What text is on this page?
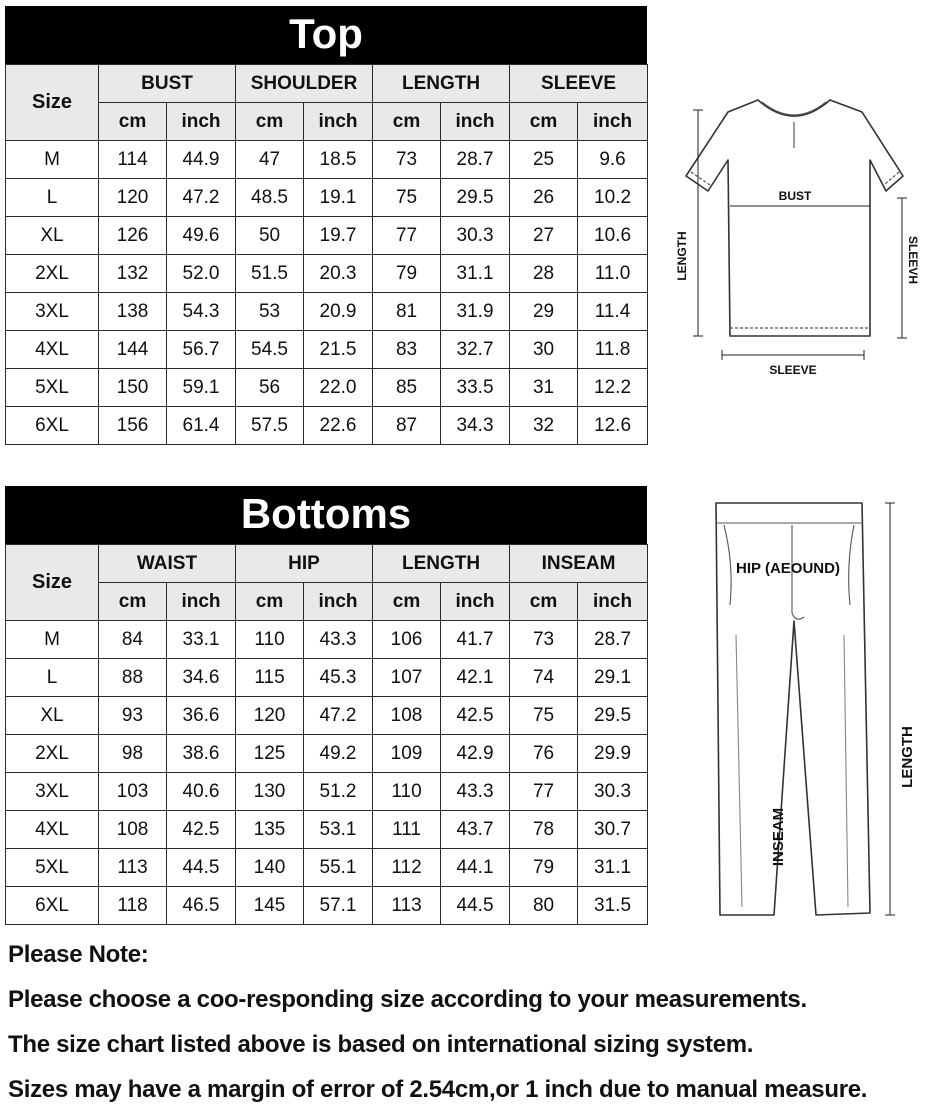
Top
Size	BUST		SHOULDER		LENGTH		SLEEVE	
	cm	inch	cm	inch	cm	inch	cm	inch
M	114	44.9	47	18.5	73	28.7	25	9.6
L	120	47.2	48.5	19.1	75	29.5	26	10.2
XL	126	49.6	50	19.7	77	30.3	27	10.6
2XL	132	52.0	51.5	20.3	79	31.1	28	11.0
3XL	138	54.3	53	20.9	81	31.9	29	11.4
4XL	144	56.7	54.5	21.5	83	32.7	30	11.8
5XL	150	59.1	56	22.0	85	33.5	31	12.2
6XL	156	61.4	57.5	22.6	87	34.3	32	12.6
BUST
LENGTH	SLEEVH
SLEEVE
Bottoms
Size	WAIST		HIP		LENGTH		INSEAM	
	cm	inch	cm	inch	cm	inch	cm	inch
M	84	33.1	110	43.3	106	41.7	73	28.7
L	88	34.6	115	45.3	107	42.1	74	29.1
XL	93	36.6	120	47.2	108	42.5	75	29.5
2XL	98	38.6	125	49.2	109	42.9	76	29.9
3XL	103	40.6	130	51.2	110	43.3	77	30.3
4XL	108	42.5	135	53.1	111	43.7	78	30.7
5XL	113	44.5	140	55.1	112	44.1	79	31.1
6XL	118	46.5	145	57.1	113	44.5	80	31.5
HIP (AEOUND)
LENGTH
INSEAM
Please Note:
Please choose a coo-responding size according to your measurements.
The size chart listed above is based on international sizing system.
Sizes may have a margin of error of 2.54cm,or 1 inch due to manual measure.
